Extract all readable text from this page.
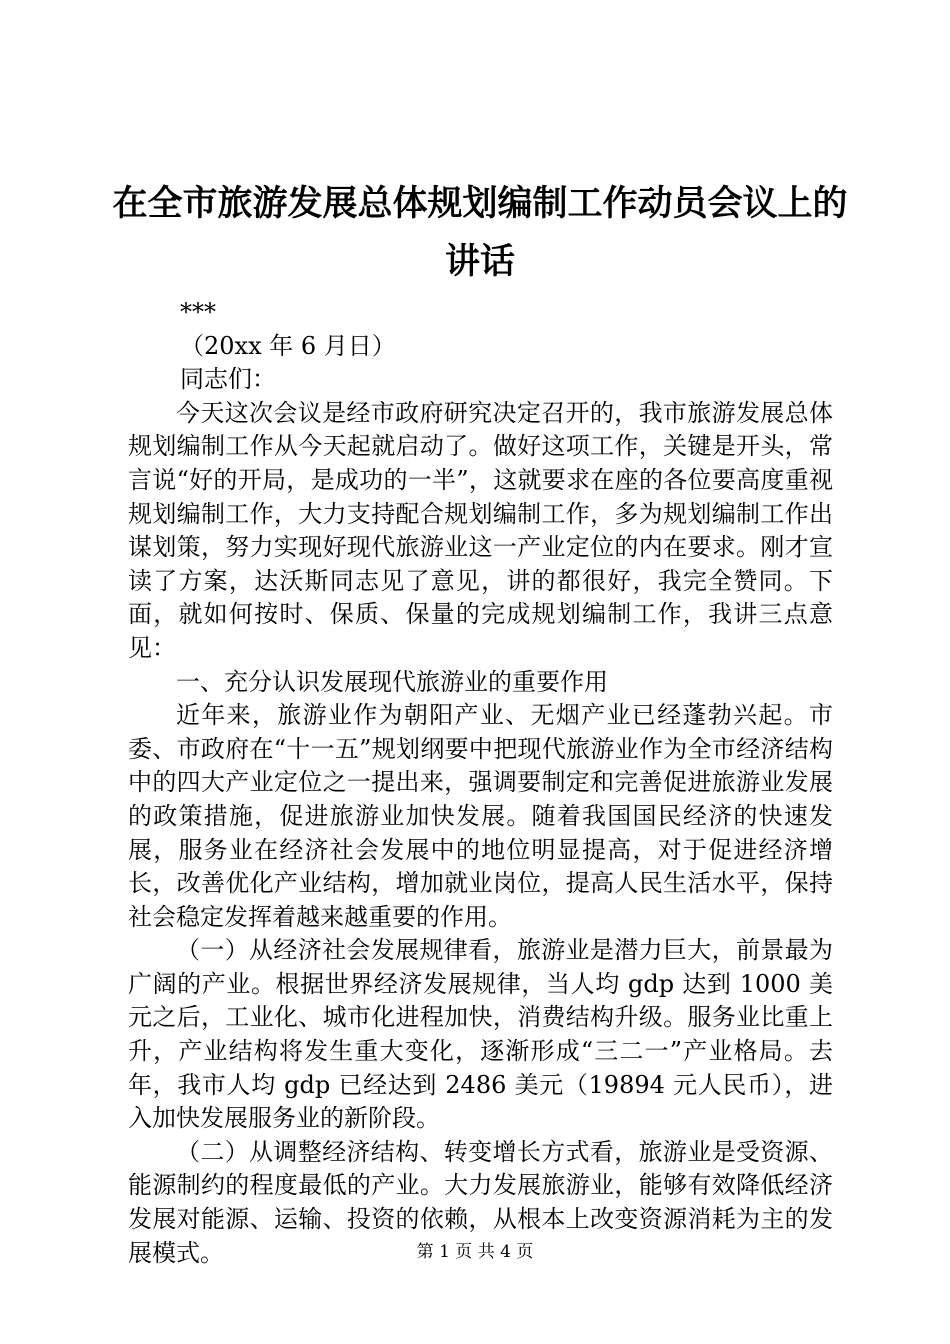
在全市旅游发展总体规划编制工作动员会议上的讲话

***

（20xx 年 6 月日）

同志们：

今天这次会议是经市政府研究决定召开的，我市旅游发展总体规划编制工作从今天起就启动了。做好这项工作，关键是开头，常言说“好的开局，是成功的一半”，这就要求在座的各位要高度重视规划编制工作，大力支持配合规划编制工作，多为规划编制工作出谋划策，努力实现好现代旅游业这一产业定位的内在要求。刚才宣读了方案，达沃斯同志见了意见，讲的都很好，我完全赞同。下面，就如何按时、保质、保量的完成规划编制工作，我讲三点意见：

一、充分认识发展现代旅游业的重要作用

近年来，旅游业作为朝阳产业、无烟产业已经蓬勃兴起。市委、市政府在“十一五”规划纲要中把现代旅游业作为全市经济结构中的四大产业定位之一提出来，强调要制定和完善促进旅游业发展的政策措施，促进旅游业加快发展。随着我国国民经济的快速发展，服务业在经济社会发展中的地位明显提高，对于促进经济增长，改善优化产业结构，增加就业岗位，提高人民生活水平，保持社会稳定发挥着越来越重要的作用。

（一）从经济社会发展规律看，旅游业是潜力巨大，前景最为广阔的产业。根据世界经济发展规律，当人均 gdp 达到 1000 美元之后，工业化、城市化进程加快，消费结构升级。服务业比重上升，产业结构将发生重大变化，逐渐形成“三二一”产业格局。去年，我市人均 gdp 已经达到 2486 美元（19894 元人民币），进入加快发展服务业的新阶段。

（二）从调整经济结构、转变增长方式看，旅游业是受资源、能源制约的程度最低的产业。大力发展旅游业，能够有效降低经济发展对能源、运输、投资的依赖，从根本上改变资源消耗为主的发展模式。	第 1 页 共 4 页
